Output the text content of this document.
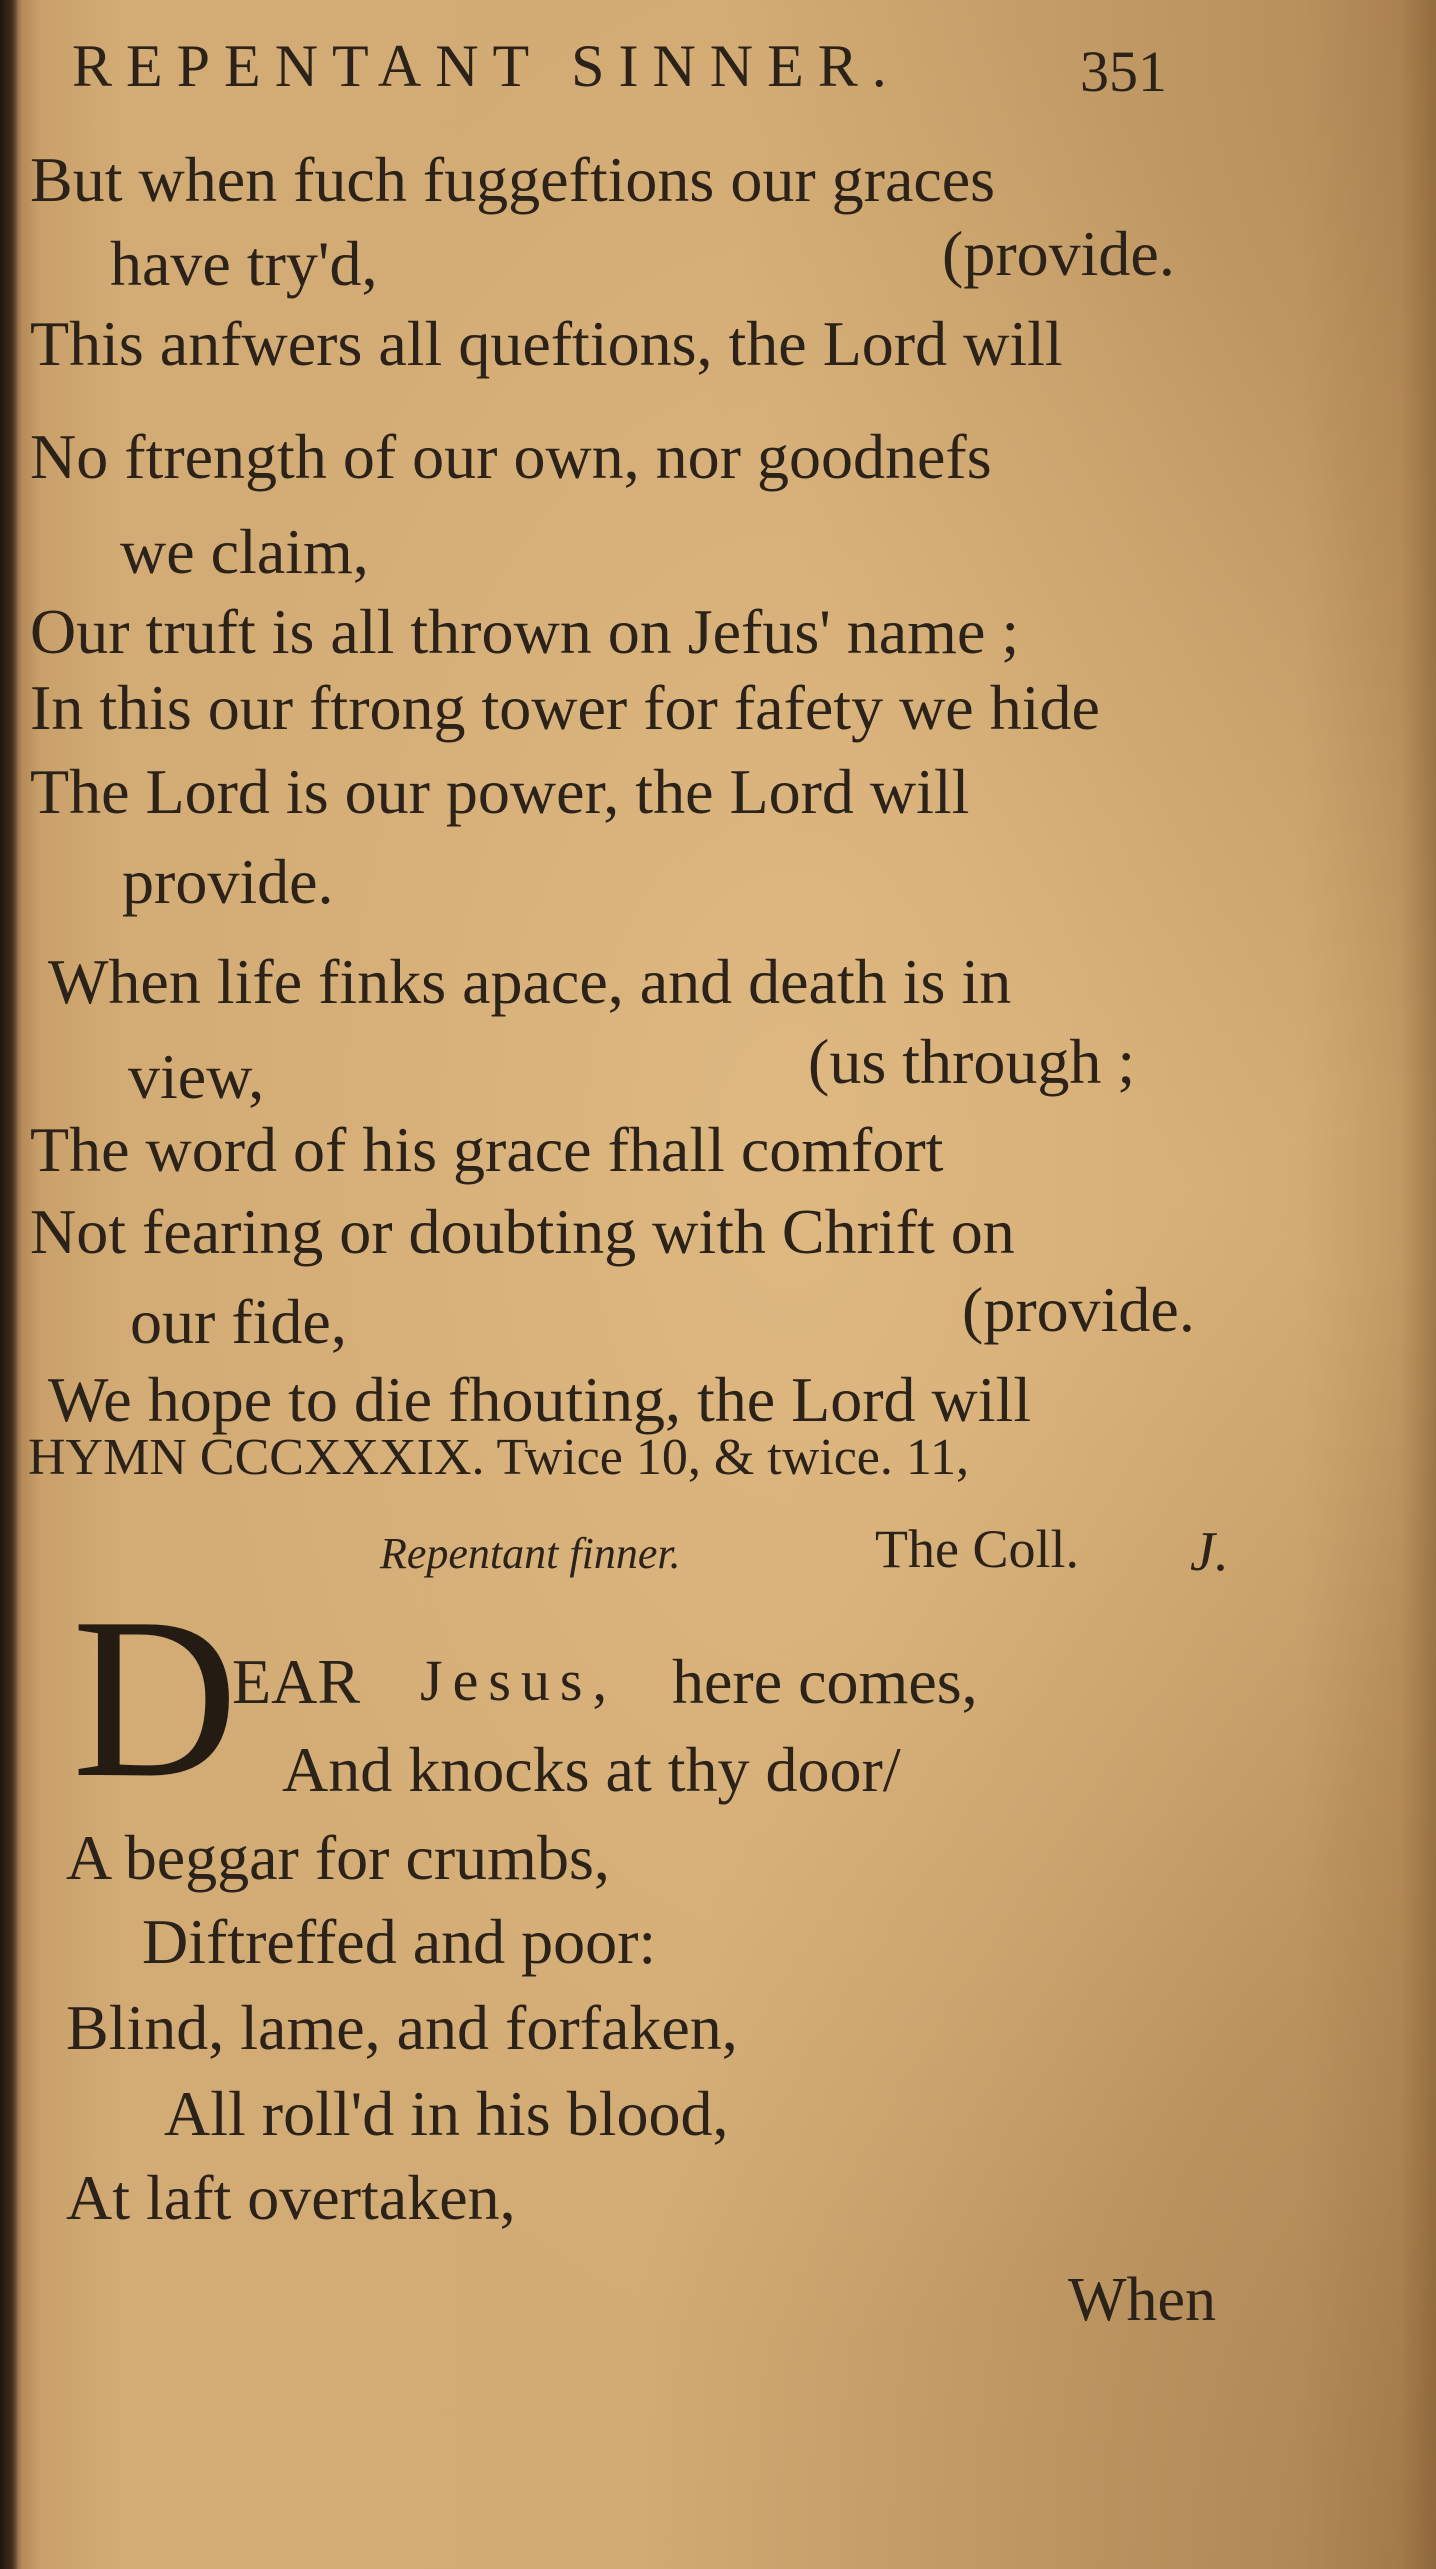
REPENTANT SINNER.	351
But when fuch fuggeftions our graces
have try'd,	(provide.
This anfwers all queftions, the Lord will
No ftrength of our own, nor goodnefs
we claim,
Our truft is all thrown on Jefus' name ;
In this our ftrong tower for fafety we hide
The Lord is our power, the Lord will
provide.
When life finks apace, and death is in
view,	(us through ;
The word of his grace fhall comfort
Not fearing or doubting with Chrift on
our fide,	(provide.
We hope to die fhouting, the Lord will
HYMN CCCXXXIX. Twice 10, & twice. 11,
Repentant finner.	The Coll. J.
D
EAR Jesus, here comes,
And knocks at thy door/
A beggar for crumbs,
Diftreffed and poor:
Blind, lame, and forfaken,
All roll'd in his blood,
At laft overtaken,
When
